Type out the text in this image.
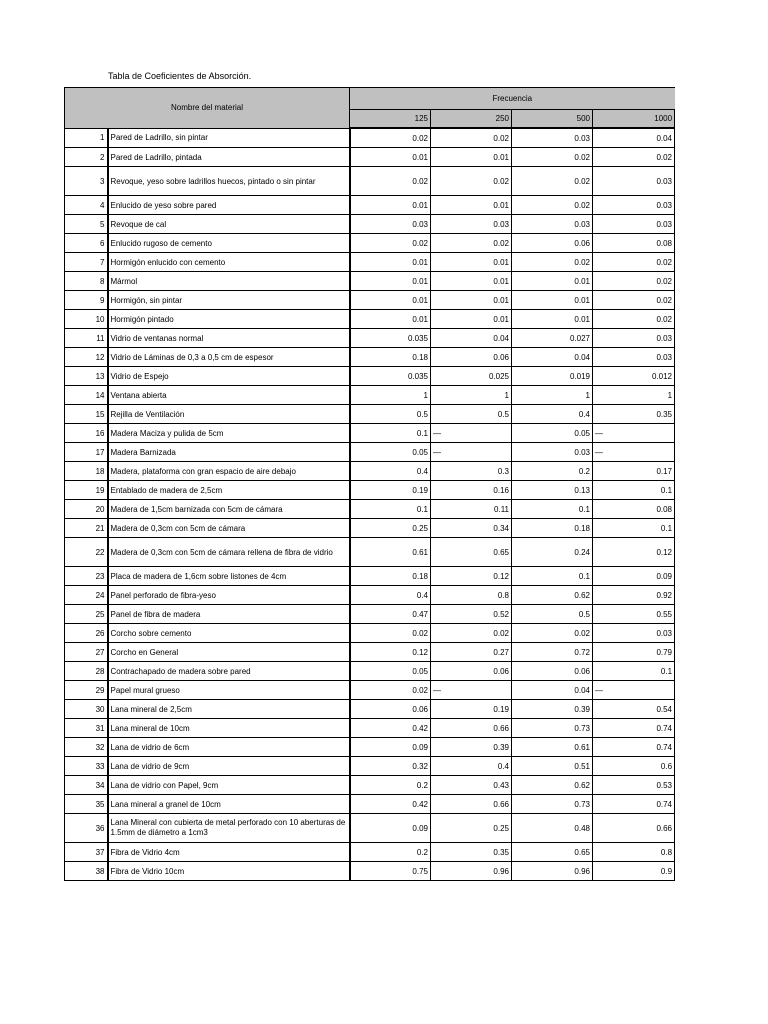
Tabla de Coeficientes de Absorción.
Nombre del material		Frecuencia			
		125	250	500	1000
1	Pared de Ladrillo, sin pintar	0.02	0.02	0.03	0.04
2	Pared de Ladrillo, pintada	0.01	0.01	0.02	0.02
3	Revoque, yeso sobre ladrillos huecos, pintado o sin pintar	0.02	0.02	0.02	0.03
4	Enlucido de yeso sobre pared	0.01	0.01	0.02	0.03
5	Revoque de cal	0.03	0.03	0.03	0.03
6	Enlucido rugoso de cemento	0.02	0.02	0.06	0.08
7	Hormigón enlucido con cemento	0.01	0.01	0.02	0.02
8	Mármol	0.01	0.01	0.01	0.02
9	Hormigón, sin pintar	0.01	0.01	0.01	0.02
10	Hormigón pintado	0.01	0.01	0.01	0.02
11	Vidrio de ventanas normal	0.035	0.04	0.027	0.03
12	Vidrio de Láminas de 0,3 a 0,5 cm de espesor	0.18	0.06	0.04	0.03
13	Vidrio de Espejo	0.035	0.025	0.019	0.012
14	Ventana abierta	1	1	1	1
15	Rejilla de Ventilación	0.5	0.5	0.4	0.35
16	Madera Maciza y pulida de 5cm	0.1	—	0.05	—
17	Madera Barnizada	0.05	—	0.03	—
18	Madera, plataforma con gran espacio de aire debajo	0.4	0.3	0.2	0.17
19	Entablado de madera de 2,5cm	0.19	0.16	0.13	0.1
20	Madera de 1,5cm barnizada con 5cm de cámara	0.1	0.11	0.1	0.08
21	Madera de 0,3cm con 5cm de cámara	0.25	0.34	0.18	0.1
22	Madera de 0,3cm con 5cm de cámara rellena de fibra de vidrio	0.61	0.65	0.24	0.12
23	Placa de madera de 1,6cm sobre listones de 4cm	0.18	0.12	0.1	0.09
24	Panel perforado de fibra-yeso	0.4	0.8	0.62	0.92
25	Panel de fibra de madera	0.47	0.52	0.5	0.55
26	Corcho sobre cemento	0.02	0.02	0.02	0.03
27	Corcho en General	0.12	0.27	0.72	0.79
28	Contrachapado de madera sobre pared	0.05	0.06	0.06	0.1
29	Papel mural grueso	0.02	—	0.04	—
30	Lana mineral de 2,5cm	0.06	0.19	0.39	0.54
31	Lana mineral de 10cm	0.42	0.66	0.73	0.74
32	Lana de vidrio de 6cm	0.09	0.39	0.61	0.74
33	Lana de vidrio de 9cm	0.32	0.4	0.51	0.6
34	Lana de vidrio con Papel, 9cm	0.2	0.43	0.62	0.53
35	Lana mineral a granel de 10cm	0.42	0.66	0.73	0.74
36	Lana Mineral con cubierta de metal perforado con 10 aberturas de 1.5mm de diámetro a 1cm3	0.09	0.25	0.48	0.66
37	Fibra de Vidrio 4cm	0.2	0.35	0.65	0.8
38	Fibra de Vidrio 10cm	0.75	0.96	0.96	0.9
